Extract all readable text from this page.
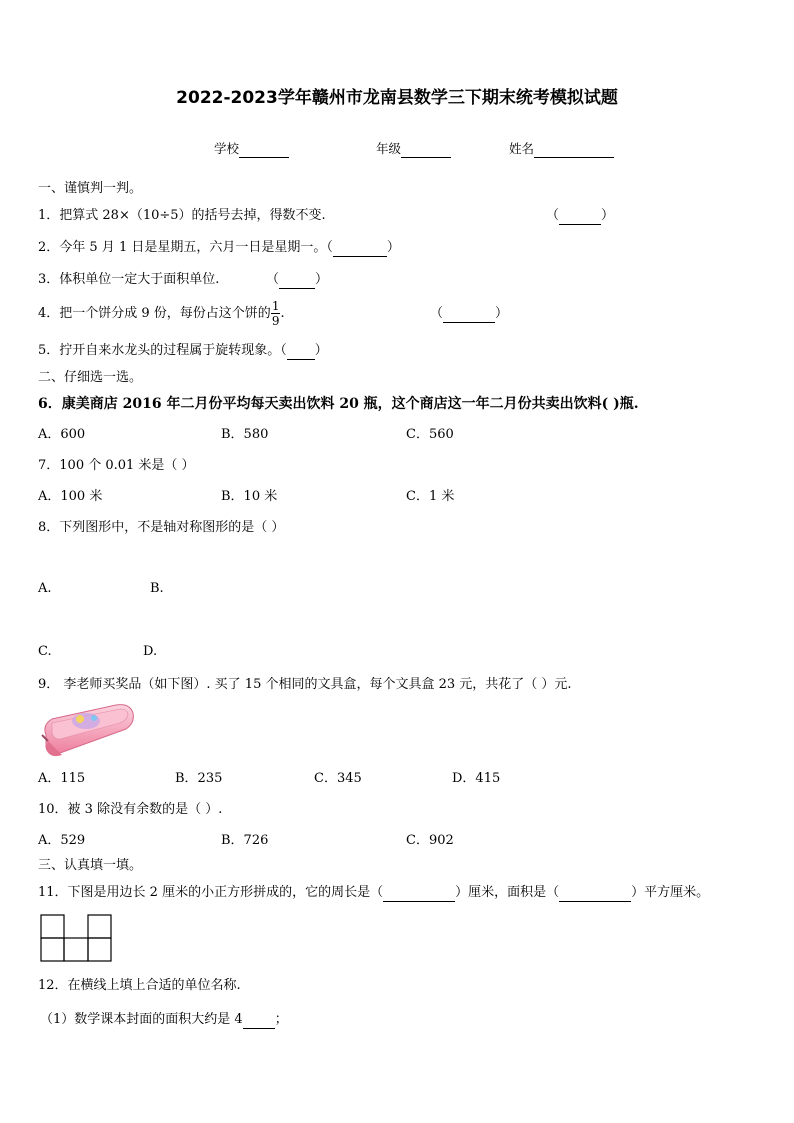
2022-2023学年赣州市龙南县数学三下期末统考模拟试题
学校	年级	姓名
一、谨慎判一判。
1．把算式 28×（10÷5）的括号去掉，得数不变.	（	）
2．今年 5 月 1 日是星期五，六月一日是星期一。（	）
3．体积单位一定大于面积单位.	（	）
4．把一个饼分成 9 份，每份占这个饼的 $\frac{1}{9}$ .	（	）
5．拧开自来水龙头的过程属于旋转现象。（ ）
二、仔细选一选。
6．康美商店 2016 年二月份平均每天卖出饮料 20 瓶，这个商店这一年二月份共卖出饮料( )瓶.
A．600	B．580	C．560
7．100 个 0.01 米是（ ）
A．100 米	B．10 米	C．1 米
8．下列图形中，不是轴对称图形的是（ ）
A.	B.
C.	D.
9． 李老师买奖品（如下图）. 买了 15 个相同的文具盒，每个文具盒 23 元，共花了（ ）元.
A．115	B．235	C．345	D．415
10．被 3 除没有余数的是（ ）.
A．529	B．726	C．902
三、认真填一填。
11．下图是用边长 2 厘米的小正方形拼成的，它的周长是（	）厘米，面积是（	）平方厘米。
12．在横线上填上合适的单位名称.
（1）数学课本封面的面积大约是 4 ；
